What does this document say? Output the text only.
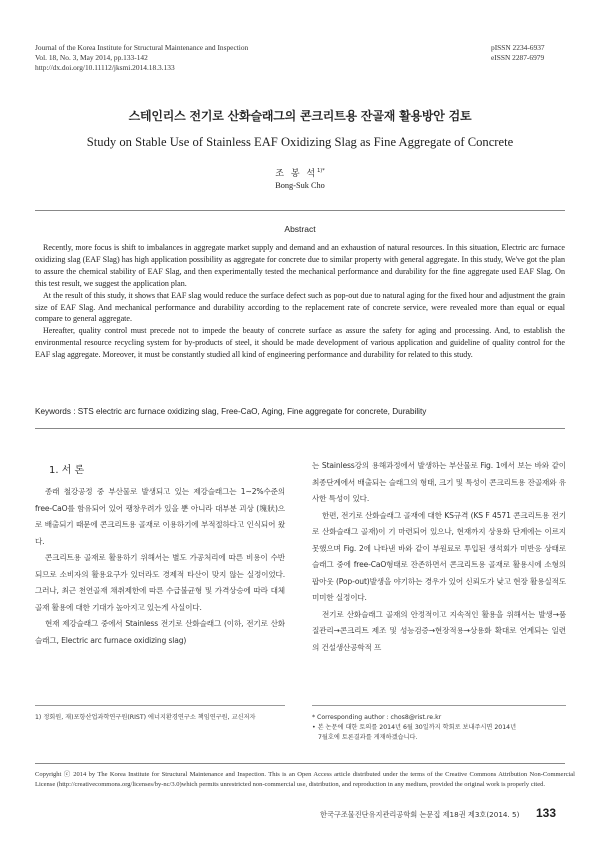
Journal of the Korea Institute for Structural Maintenance and Inspection
Vol. 18, No. 3, May 2014, pp.133-142
http://dx.doi.org/10.11112/jksmi.2014.18.3.133
pISSN 2234-6937
eISSN 2287-6979
스테인리스 전기로 산화슬래그의 콘크리트용 잔골재 활용방안 검토
Study on Stable Use of Stainless EAF Oxidizing Slag as Fine Aggregate of Concrete
조 봉 석$^{1)*}$
Bong-Suk Cho
Abstract

Recently, more focus is shift to imbalances in aggregate market supply and demand and an exhaustion of natural resources. In this situation, Electric arc furnace oxidizing slag (EAF Slag) has high application possibility as aggregate for concrete due to similar property with general aggregate. In this study, We've got the plan to assure the chemical stability of EAF Slag, and then experimentally tested the mechanical performance and durability for the fine aggregate used EAF Slag. On this test result, we suggest the application plan.

At the result of this study, it shows that EAF slag would reduce the surface defect such as pop-out due to natural aging for the fixed hour and adjustment the grain size of EAF Slag. And mechanical performance and durability according to the replacement rate of concrete service, were revealed more than equal or equal compare to general aggregate.

Hereafter, quality control must precede not to impede the beauty of concrete surface as assure the safety for aging and processing. And, to establish the environmental resource recycling system for by-products of steel, it should be made development of various application and guideline of quality control for the EAF slag aggregate. Moreover, it must be constantly studied all kind of engineering performance and durability for related to this study.

Keywords : STS electric arc furnace oxidizing slag, Free-CaO, Aging, Fine aggregate for concrete, Durability
1. 서 론

종래 철강공정 중 부산물로 발생되고 있는 제강슬래그는 1~2%수준의 free-CaO를 함유되어 있어 팽창우려가 있을 뿐 아니라 대부분 괴상 (塊狀)으로 배출되기 때문에 콘크리트용 골재로 이용하기에 부적절하다고 인식되어 왔다.

콘크리트용 골재로 활용하기 위해서는 별도 가공처리에 따른 비용이 수반되므로 소비자의 활용요구가 있더라도 경제적 타산이 맞지 않는 실정이었다. 그러나, 최근 천연골재 채취제한에 따른 수급불균형 및 가격상승에 따라 대체골재 활용에 대한 기대가 높아지고 있는게 사실이다.

현재 제강슬래그 중에서 Stainless 전기로 산화슬래그 (이하, 전기로 산화슬래그, Electric arc furnace oxidizing slag)

는 Stainless강의 용해과정에서 발생하는 부산물로 Fig. 1에서 보는 바와 같이 최종단계에서 배출되는 슬래그의 형태, 크기 및 특성이 콘크리트용 잔골재와 유사한 특성이 있다.

한편, 전기로 산화슬래그 골재에 대한 KS규격 (KS F 4571 콘크리트용 전기로 산화슬래그 골재)이 기 마련되어 있으나, 현재까지 상용화 단계에는 이르지 못했으며 Fig. 2에 나타낸 바와 같이 부원료로 투입된 생석회가 미반응 상태로 슬래그 중에 free-CaO형태로 잔존하면서 콘크리트용 골재로 활용시에 소형의 팝아웃 (Pop-out)발생을 야기하는 경우가 있어 신뢰도가 낮고 현장 활용실적도 미미한 실정이다.

전기로 산화슬래그 골재의 안정적이고 지속적인 활용을 위해서는 발생→품질관리→콘크리트 제조 및 성능검증→현장적용→상용화 확대로 연계되는 일련의 건설생산공학적 프

1) 정회원, 재)포항산업과학연구원(RIST) 에너지환경연구소 책임연구원, 교신저자	* Corresponding author : chos8@rist.re.kr
• 본 논문에 대한 토의를 2014년 6월 30일까지 학회로 보내주시면 2014년
7월호에 토론결과를 게재하겠습니다.
Copyright ⓒ 2014 by The Korea Institute for Structural Maintenance and Inspection. This is an Open Access article distributed under the terms of the Creative Commons Attribution Non-Commercial License (http://creativecommons.org/licenses/by-nc/3.0)which permits unrestricted non-commercial use, distribution, and reproduction in any medium, provided the original work is properly cited.
한국구조물진단유지관리공학회 논문집 제18권 제3호(2014. 5) 133
